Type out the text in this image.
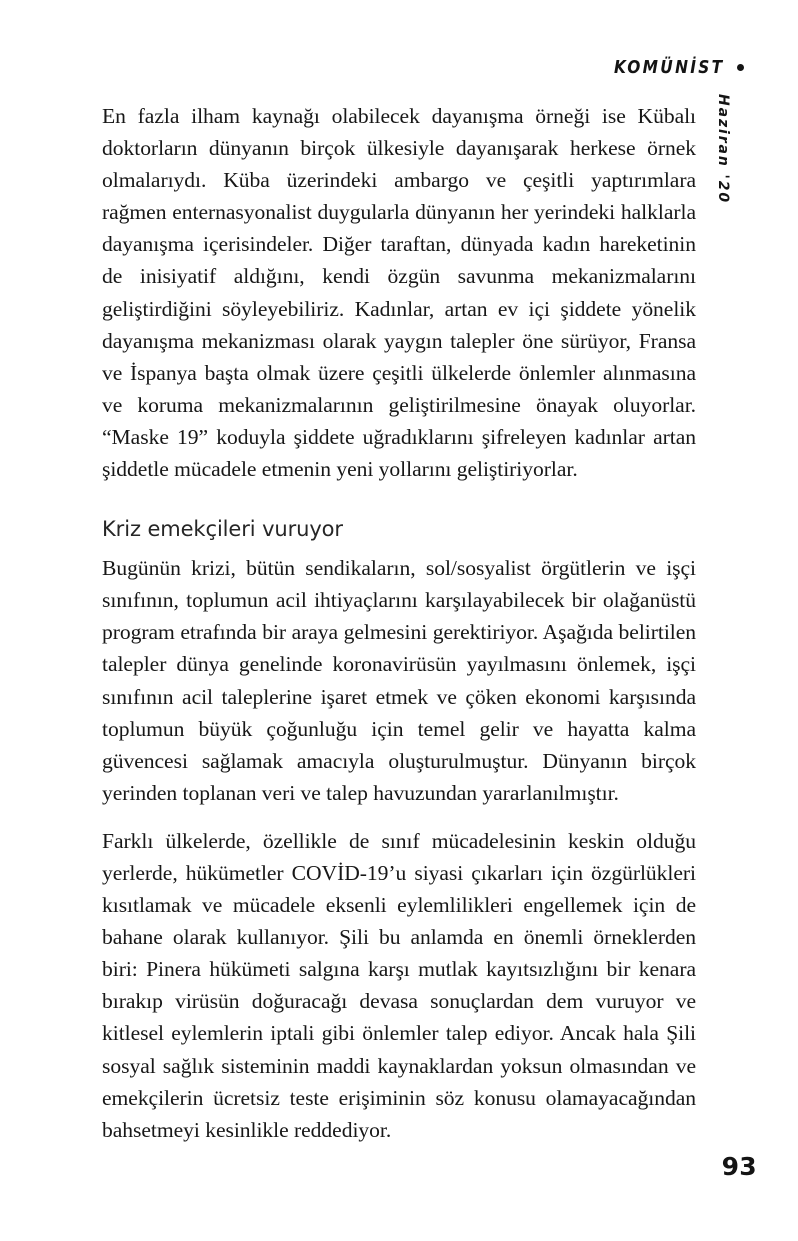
KOMÜNİST
Haziran '20

En fazla ilham kaynağı olabilecek dayanışma örneği ise Kübalı doktorların dünyanın birçok ülkesiyle dayanışarak herkese örnek olmalarıydı. Küba üzerindeki ambargo ve çeşitli yaptırımlara rağmen enternasyonalist duygularla dünyanın her yerindeki halklarla dayanışma içerisindeler. Diğer taraftan, dünyada kadın hareketinin de inisiyatif aldığını, kendi özgün savunma mekanizmalarını geliştirdiğini söyleyebiliriz. Kadınlar, artan ev içi şiddete yönelik dayanışma mekanizması olarak yaygın talepler öne sürüyor, Fransa ve İspanya başta olmak üzere çeşitli ülkelerde önlemler alınmasına ve koruma mekanizmalarının geliştirilmesine önayak oluyorlar. “Maske 19” koduyla şiddete uğradıklarını şifreleyen kadınlar artan şiddetle mücadele etmenin yeni yollarını geliştiriyorlar.

Kriz emekçileri vuruyor

Bugünün krizi, bütün sendikaların, sol/sosyalist örgütlerin ve işçi sınıfının, toplumun acil ihtiyaçlarını karşılayabilecek bir olağanüstü program etrafında bir araya gelmesini gerektiriyor. Aşağıda belirtilen talepler dünya genelinde koronavirüsün yayılmasını önlemek, işçi sınıfının acil taleplerine işaret etmek ve çöken ekonomi karşısında toplumun büyük çoğunluğu için temel gelir ve hayatta kalma güvencesi sağlamak amacıyla oluşturulmuştur. Dünyanın birçok yerinden toplanan veri ve talep havuzundan yararlanılmıştır.

Farklı ülkelerde, özellikle de sınıf mücadelesinin keskin olduğu yerlerde, hükümetler COVİD-19’u siyasi çıkarları için özgürlükleri kısıtlamak ve mücadele eksenli eylemlilikleri engellemek için de bahane olarak kullanıyor. Şili bu anlamda en önemli örneklerden biri: Pinera hükümeti salgına karşı mutlak kayıtsızlığını bir kenara bırakıp virüsün doğuracağı devasa sonuçlardan dem vuruyor ve kitlesel eylemlerin iptali gibi önlemler talep ediyor. Ancak hala Şili sosyal sağlık sisteminin maddi kaynaklardan yoksun olmasından ve emekçilerin ücretsiz teste erişiminin söz konusu olamayacağından bahsetmeyi kesinlikle reddediyor.

93
